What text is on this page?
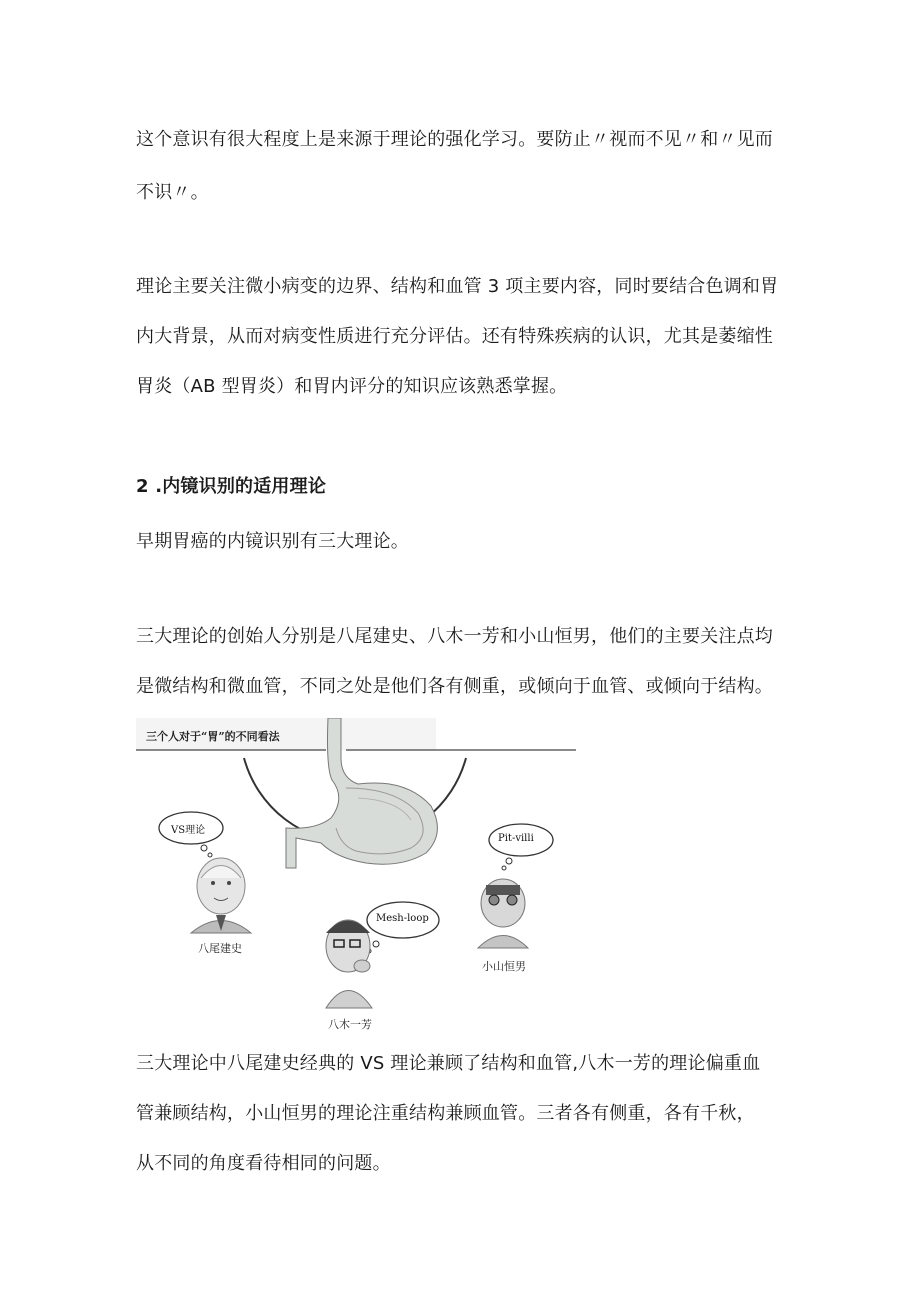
这个意识有很大程度上是来源于理论的强化学习。要防止〃视而不见〃和〃见而

不识〃。

理论主要关注微小病变的边界、结构和血管 3 项主要内容，同时要结合色调和胃

内大背景，从而对病变性质进行充分评估。还有特殊疾病的认识，尤其是萎缩性

胃炎（AB 型胃炎）和胃内评分的知识应该熟悉掌握。

2 .内镜识别的适用理论

早期胃癌的内镜识别有三大理论。

三大理论的创始人分别是八尾建史、八木一芳和小山恒男，他们的主要关注点均

是微结构和微血管，不同之处是他们各有侧重，或倾向于血管、或倾向于结构。

三个人对于“胃”的不同看法
VS理论
Mesh-loop
Pit-villi
八尾建史
八木一芳
小山恒男

三大理论中八尾建史经典的 VS 理论兼顾了结构和血管,八木一芳的理论偏重血

管兼顾结构，小山恒男的理论注重结构兼顾血管。三者各有侧重，各有千秋，

从不同的角度看待相同的问题。
